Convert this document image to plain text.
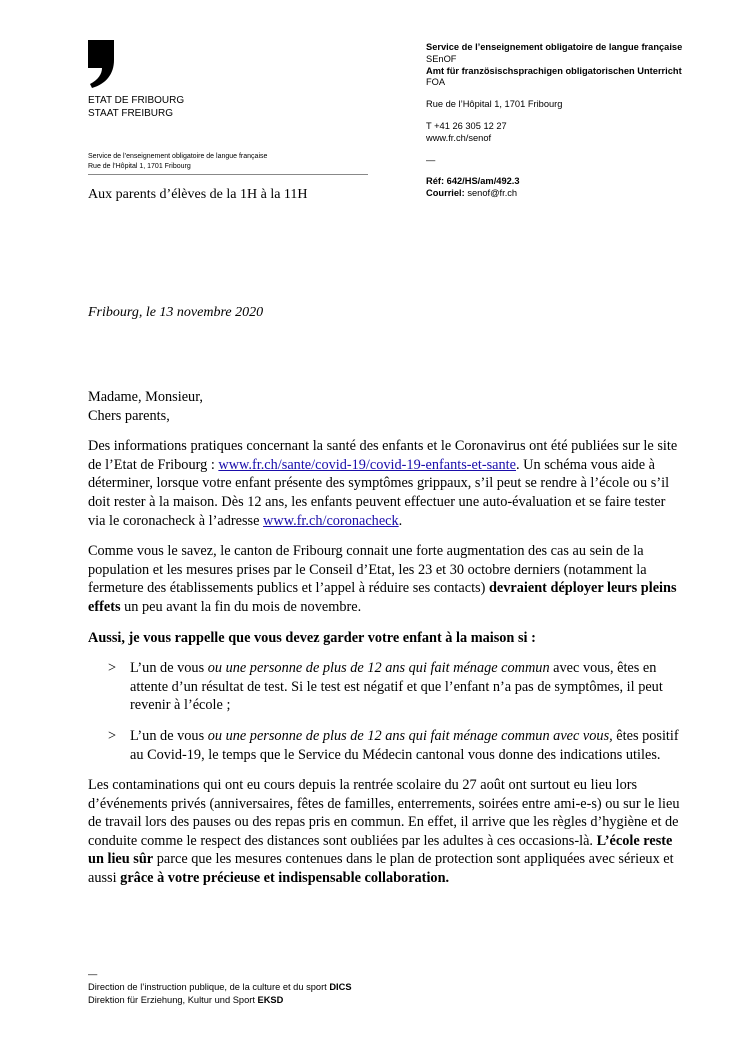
ETAT DE FRIBOURG
STAAT FREIBURG
Service de l’enseignement obligatoire de langue française
Rue de l’Hôpital 1, 1701 Fribourg
Service de l’enseignement obligatoire de langue française SEnOF
Amt für französischsprachigen obligatorischen Unterricht FOA
Rue de l’Hôpital 1, 1701 Fribourg
T +41 26 305 12 27
www.fr.ch/senof
—
Réf: 642/HS/am/492.3
Courriel: senof@fr.ch
Aux parents d’élèves de la 1H à la 11H
Fribourg, le 13 novembre 2020

Madame, Monsieur,
Chers parents,

Des informations pratiques concernant la santé des enfants et le Coronavirus ont été publiées sur le site de l’Etat de Fribourg : www.fr.ch/sante/covid-19/covid-19-enfants-et-sante. Un schéma vous aide à déterminer, lorsque votre enfant présente des symptômes grippaux, s’il peut se rendre à l’école ou s’il doit rester à la maison. Dès 12 ans, les enfants peuvent effectuer une auto-évaluation et se faire tester via le coronacheck à l’adresse www.fr.ch/coronacheck.

Comme vous le savez, le canton de Fribourg connait une forte augmentation des cas au sein de la population et les mesures prises par le Conseil d’Etat, les 23 et 30 octobre derniers (notamment la fermeture des établissements publics et l’appel à réduire ses contacts) devraient déployer leurs pleins effets un peu avant la fin du mois de novembre.

Aussi, je vous rappelle que vous devez garder votre enfant à la maison si :

> L’un de vous ou une personne de plus de 12 ans qui fait ménage commun avec vous, êtes en attente d’un résultat de test. Si le test est négatif et que l’enfant n’a pas de symptômes, il peut revenir à l’école ;
> L’un de vous ou une personne de plus de 12 ans qui fait ménage commun avec vous, êtes positif au Covid-19, le temps que le Service du Médecin cantonal vous donne des indications utiles.

Les contaminations qui ont eu cours depuis la rentrée scolaire du 27 août ont surtout eu lieu lors d’événements privés (anniversaires, fêtes de familles, enterrements, soirées entre ami-e-s) ou sur le lieu de travail lors des pauses ou des repas pris en commun. En effet, il arrive que les règles d’hygiène et de conduite comme le respect des distances sont oubliées par les adultes à ces occasions-là. L’école reste un lieu sûr parce que les mesures contenues dans le plan de protection sont appliquées avec sérieux et aussi grâce à votre précieuse et indispensable collaboration.

—
Direction de l’instruction publique, de la culture et du sport DICS
Direktion für Erziehung, Kultur und Sport EKSD
